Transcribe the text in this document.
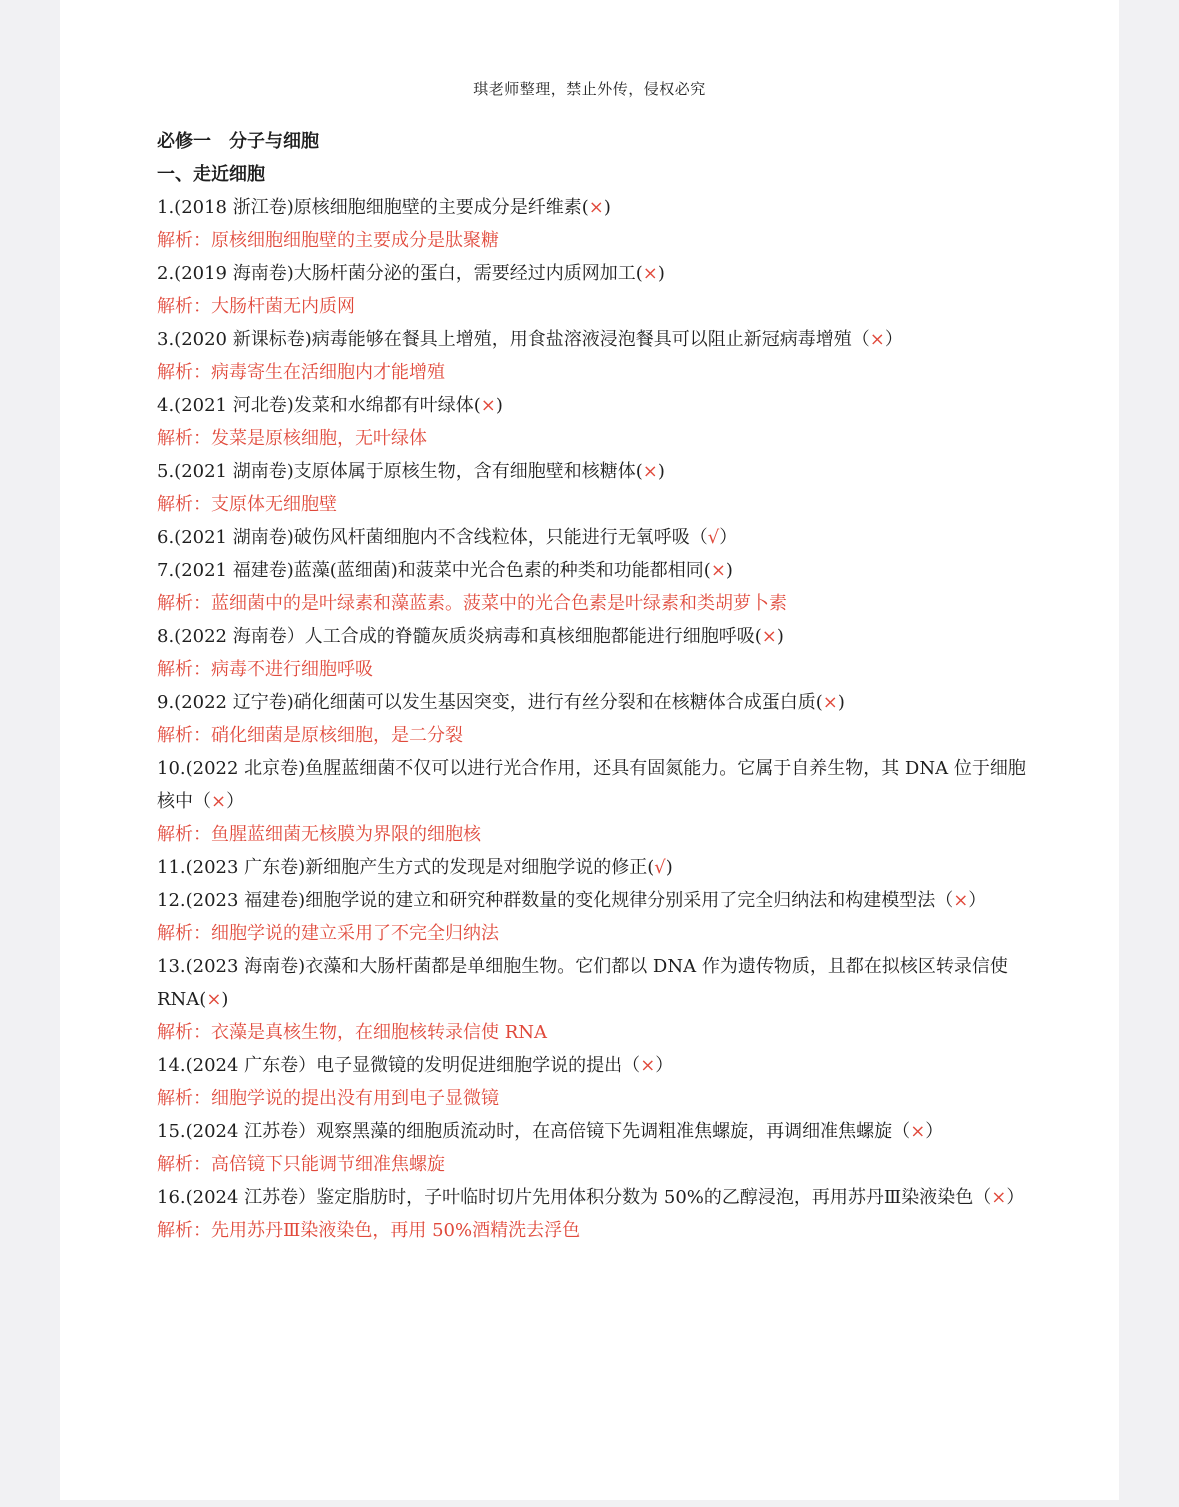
琪老师整理，禁止外传，侵权必究

必修一　分子与细胞

一、走近细胞

1.(2018 浙江卷)原核细胞细胞壁的主要成分是纤维素(×)

解析：原核细胞细胞壁的主要成分是肽聚糖

2.(2019 海南卷)大肠杆菌分泌的蛋白，需要经过内质网加工(×)

解析：大肠杆菌无内质网

3.(2020 新课标卷)病毒能够在餐具上增殖，用食盐溶液浸泡餐具可以阻止新冠病毒增殖（×）

解析：病毒寄生在活细胞内才能增殖

4.(2021 河北卷)发菜和水绵都有叶绿体(×)

解析：发菜是原核细胞，无叶绿体

5.(2021 湖南卷)支原体属于原核生物，含有细胞壁和核糖体(×)

解析：支原体无细胞壁

6.(2021 湖南卷)破伤风杆菌细胞内不含线粒体，只能进行无氧呼吸（√）

7.(2021 福建卷)蓝藻(蓝细菌)和菠菜中光合色素的种类和功能都相同(×)

解析：蓝细菌中的是叶绿素和藻蓝素。菠菜中的光合色素是叶绿素和类胡萝卜素

8.(2022 海南卷）人工合成的脊髓灰质炎病毒和真核细胞都能进行细胞呼吸(×)

解析：病毒不进行细胞呼吸

9.(2022 辽宁卷)硝化细菌可以发生基因突变，进行有丝分裂和在核糖体合成蛋白质(×)

解析：硝化细菌是原核细胞，是二分裂

10.(2022 北京卷)鱼腥蓝细菌不仅可以进行光合作用，还具有固氮能力。它属于自养生物，其 DNA 位于细胞核中（×）

解析：鱼腥蓝细菌无核膜为界限的细胞核

11.(2023 广东卷)新细胞产生方式的发现是对细胞学说的修正(√)

12.(2023 福建卷)细胞学说的建立和研究种群数量的变化规律分别采用了完全归纳法和构建模型法（×）

解析：细胞学说的建立采用了不完全归纳法

13.(2023 海南卷)衣藻和大肠杆菌都是单细胞生物。它们都以 DNA 作为遗传物质，且都在拟核区转录信使 RNA(×)

解析：衣藻是真核生物，在细胞核转录信使 RNA

14.(2024 广东卷）电子显微镜的发明促进细胞学说的提出（×）

解析：细胞学说的提出没有用到电子显微镜

15.(2024 江苏卷）观察黑藻的细胞质流动时，在高倍镜下先调粗准焦螺旋，再调细准焦螺旋（×）

解析：高倍镜下只能调节细准焦螺旋

16.(2024 江苏卷）鉴定脂肪时，子叶临时切片先用体积分数为 50%的乙醇浸泡，再用苏丹Ⅲ染液染色（×）

解析：先用苏丹Ⅲ染液染色，再用 50%酒精洗去浮色
